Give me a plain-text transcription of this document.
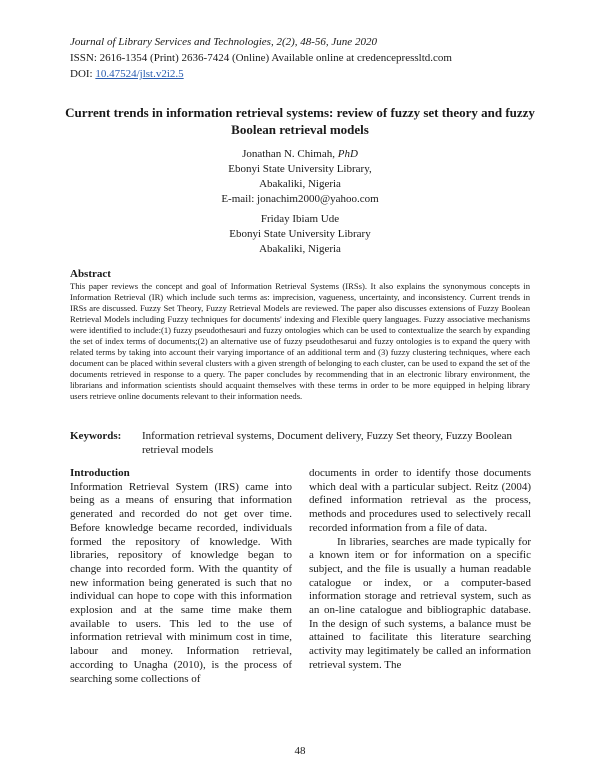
Journal of Library Services and Technologies, 2(2), 48-56, June 2020
ISSN: 2616-1354 (Print) 2636-7424 (Online) Available online at credencepressltd.com
DOI: 10.47524/jlst.v2i2.5
Current trends in information retrieval systems: review of fuzzy set theory and fuzzy Boolean retrieval models
Jonathan N. Chimah, PhD
Ebonyi State University Library,
Abakaliki, Nigeria
E-mail: jonachim2000@yahoo.com
Friday Ibiam Ude
Ebonyi State University Library
Abakaliki, Nigeria
Abstract

This paper reviews the concept and goal of Information Retrieval Systems (IRSs). It also explains the synonymous concepts in Information Retrieval (IR) which include such terms as: imprecision, vagueness, uncertainty, and inconsistency. Current trends in IRSs are discussed. Fuzzy Set Theory, Fuzzy Retrieval Models are reviewed. The paper also discusses extensions of Fuzzy Boolean Retrieval Models including Fuzzy techniques for documents' indexing and Flexible query languages. Fuzzy associative mechanisms were identified to include:(1) fuzzy pseudothesauri and fuzzy ontologies which can be used to contextualize the search by expanding the set of index terms of documents;(2) an alternative use of fuzzy pseudothesarui and fuzzy ontologies is to expand the query with related terms by taking into account their varying importance of an additional term and (3) fuzzy clustering techniques, where each document can be placed within several clusters with a given strength of belonging to each cluster, can be used to expand the set of the documents retrieved in response to a query. The paper concludes by recommending that in an electronic library environment, the librarians and information scientists should acquaint themselves with these terms in order to be more equipped in helping library users retrieve online documents relevant to their information needs.

Keywords:	Information retrieval systems, Document delivery, Fuzzy Set theory, Fuzzy Boolean retrieval models
Introduction

Information Retrieval System (IRS) came into being as a means of ensuring that information generated and recorded do not get over time. Before knowledge became recorded, individuals formed the repository of knowledge. With libraries, repository of knowledge began to change into recorded form. With the quantity of new information being generated is such that no individual can hope to cope with this information explosion and at the same time make them available to users. This led to the use of information retrieval with minimum cost in time, labour and money. Information retrieval, according to Unagha (2010), is the process of searching some collections of

documents in order to identify those documents which deal with a particular subject. Reitz (2004) defined information retrieval as the process, methods and procedures used to selectively recall recorded information from a file of data.

In libraries, searches are made typically for a known item or for information on a specific subject, and the file is usually a human readable catalogue or index, or a computer-based information storage and retrieval system, such as an on-line catalogue and bibliographic database. In the design of such systems, a balance must be attained to facilitate this literature searching activity may legitimately be called an information retrieval system. The

48
